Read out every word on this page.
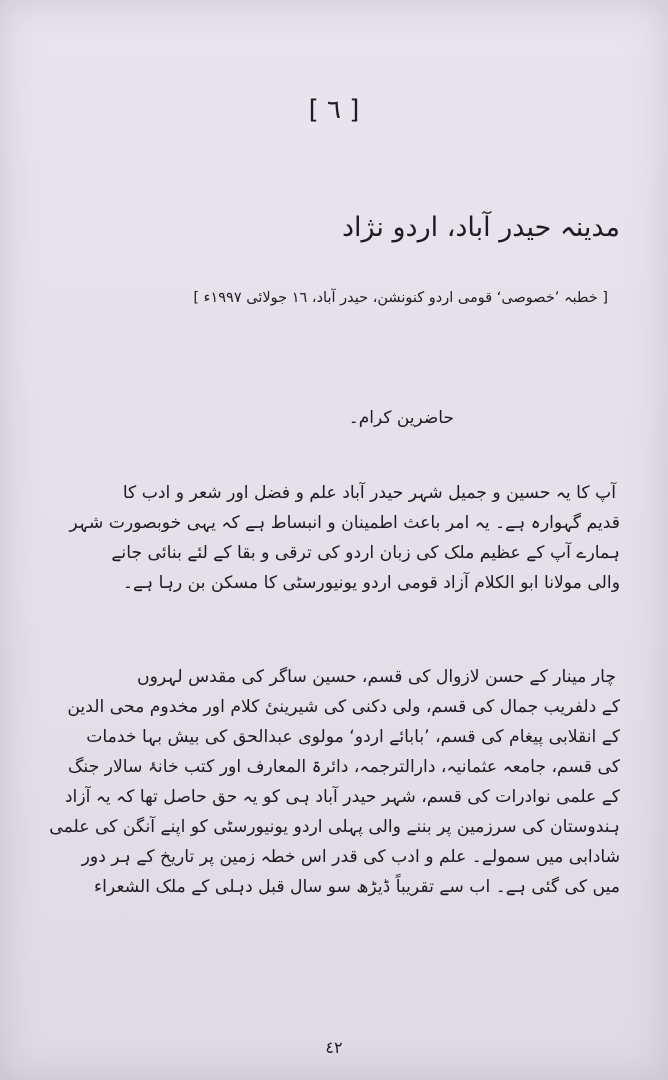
[ ٦ ]
مدینہ حیدر آباد، اردو نژاد
[ خطبہ ’خصوصی‘ قومی اردو کنونشن، حیدر آباد، ١٦ جولائی ١٩٩٧ء ]
حاضرین کرام۔
آپ کا یہ حسین و جمیل شہر حیدر آباد علم و فضل اور شعر و ادب کا
قدیم گہوارہ ہے۔ یہ امر باعث اطمینان و انبساط ہے کہ یہی خوبصورت شہر
ہمارے آپ کے عظیم ملک کی زبان اردو کی ترقی و بقا کے لئے بنائی جانے
والی مولانا ابو الکلام آزاد قومی اردو یونیورسٹی کا مسکن بن رہا ہے۔
چار مینار کے حسن لازوال کی قسم، حسین ساگر کی مقدس لہروں
کے دلفریب جمال کی قسم، ولی دکنی کی شیرینیٔ کلام اور مخدوم محی الدین
کے انقلابی پیغام کی قسم، ’بابائے اردو‘ مولوی عبدالحق کی بیش بہا خدمات
کی قسم، جامعہ عثمانیہ، دارالترجمہ، دائرۃ المعارف اور کتب خانۂ سالار جنگ
کے علمی نوادرات کی قسم، شہر حیدر آباد ہی کو یہ حق حاصل تھا کہ یہ آزاد
ہندوستان کی سرزمین پر بننے والی پہلی اردو یونیورسٹی کو اپنے آنگن کی علمی
شادابی میں سمولے۔ علم و ادب کی قدر اس خطہ زمین پر تاریخ کے ہر دور
میں کی گئی ہے۔ اب سے تقریباً ڈیڑھ سو سال قبل دہلی کے ملک الشعراء
٤٢
